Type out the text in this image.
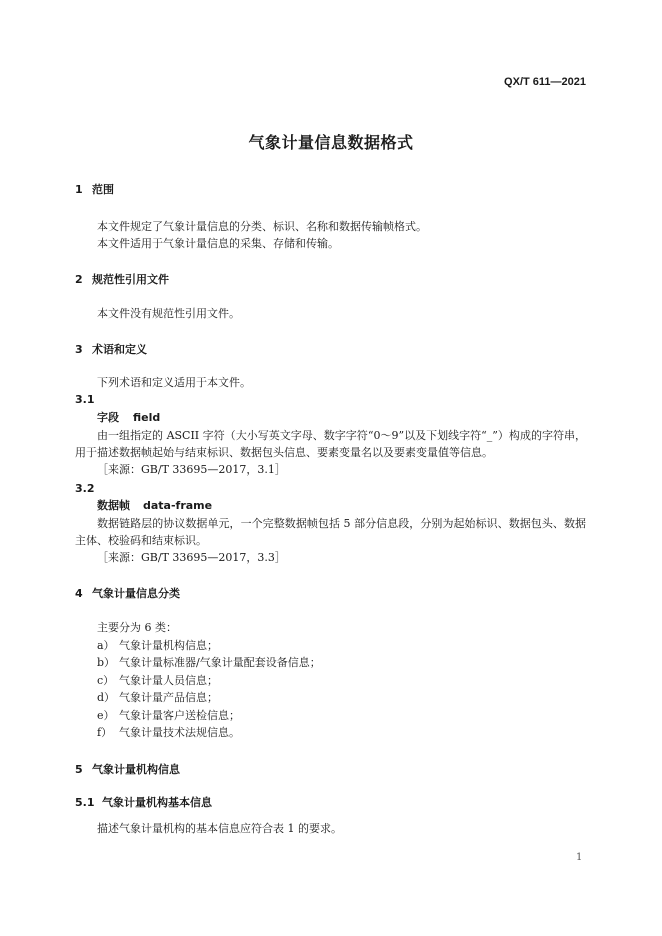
QX/T 611—2021
气象计量信息数据格式
1 范围
本文件规定了气象计量信息的分类、标识、名称和数据传输帧格式。
本文件适用于气象计量信息的采集、存储和传输。
2 规范性引用文件
本文件没有规范性引用文件。
3 术语和定义
下列术语和定义适用于本文件。
3.1
字段 field
由一组指定的 ASCII 字符（大小写英文字母、数字字符“0～9”以及下划线字符“_”）构成的字符串，
用于描述数据帧起始与结束标识、数据包头信息、要素变量名以及要素变量值等信息。
［来源：GB/T 33695—2017，3.1］
3.2
数据帧 data-frame
数据链路层的协议数据单元，一个完整数据帧包括 5 部分信息段，分别为起始标识、数据包头、数据
主体、校验码和结束标识。
［来源：GB/T 33695—2017，3.3］
4 气象计量信息分类
主要分为 6 类：
a） 气象计量机构信息；
b） 气象计量标准器/气象计量配套设备信息；
c） 气象计量人员信息；
d） 气象计量产品信息；
e） 气象计量客户送检信息；
f） 气象计量技术法规信息。
5 气象计量机构信息
5.1 气象计量机构基本信息
描述气象计量机构的基本信息应符合表 1 的要求。
1
